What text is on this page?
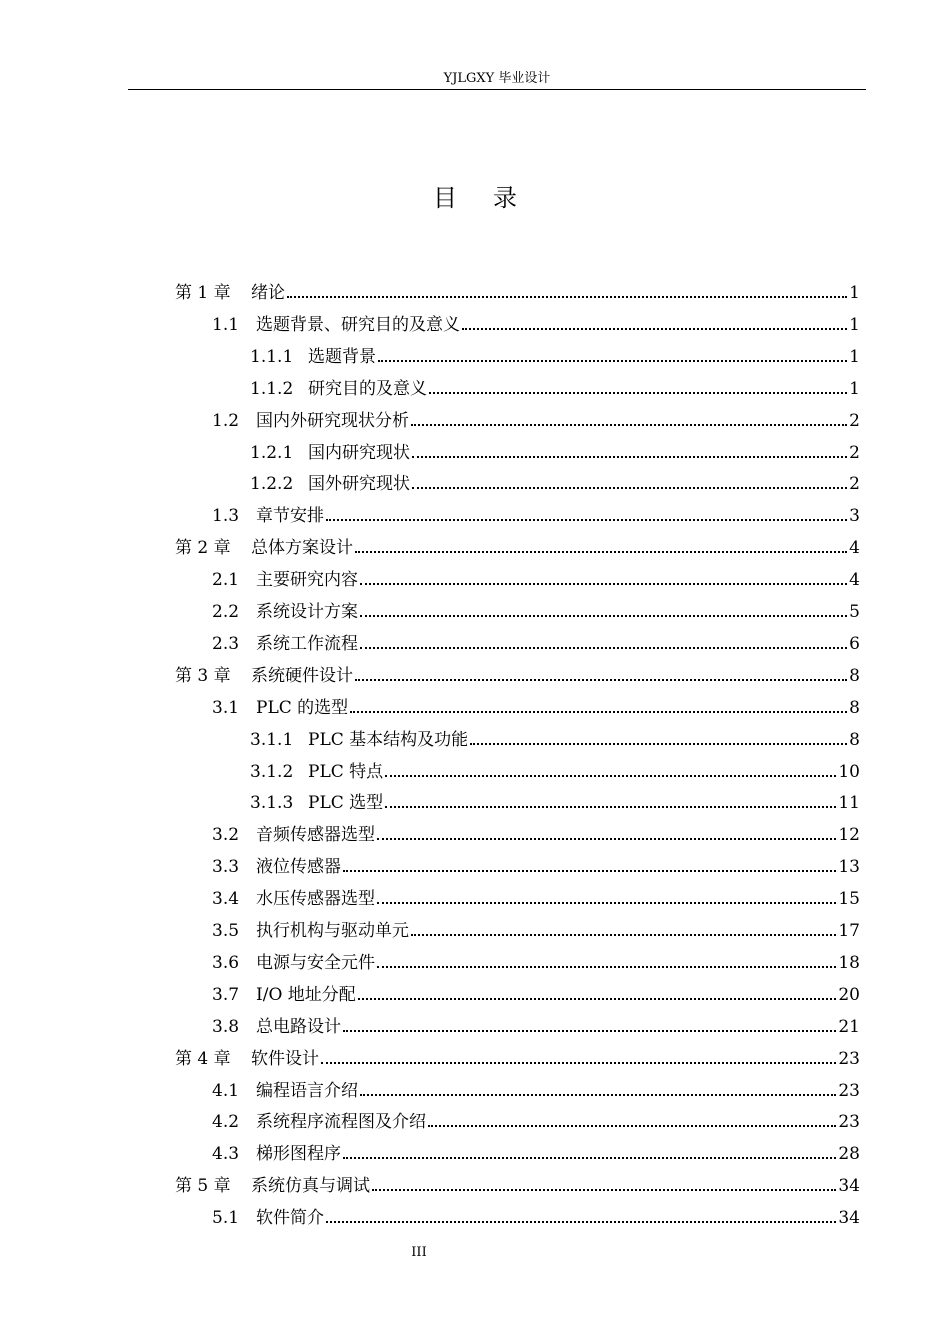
YJLGXY 毕业设计
目录
第 1 章	绪论	1
1.1 选题背景、研究目的及意义	1
1.1.1 选题背景	1
1.1.2 研究目的及意义	1
1.2 国内外研究现状分析	2
1.2.1 国内研究现状	2
1.2.2 国外研究现状	2
1.3 章节安排	3
第 2 章	总体方案设计	4
2.1 主要研究内容	4
2.2 系统设计方案	5
2.3 系统工作流程	6
第 3 章	系统硬件设计	8
3.1 PLC 的选型	8
3.1.1 PLC 基本结构及功能	8
3.1.2 PLC 特点	10
3.1.3 PLC 选型	11
3.2 音频传感器选型	12
3.3 液位传感器	13
3.4 水压传感器选型	15
3.5 执行机构与驱动单元	17
3.6 电源与安全元件	18
3.7 I/O 地址分配	20
3.8 总电路设计	21
第 4 章	软件设计	23
4.1 编程语言介绍	23
4.2 系统程序流程图及介绍	23
4.3 梯形图程序	28
第 5 章	系统仿真与调试	34
5.1 软件简介	34
III
